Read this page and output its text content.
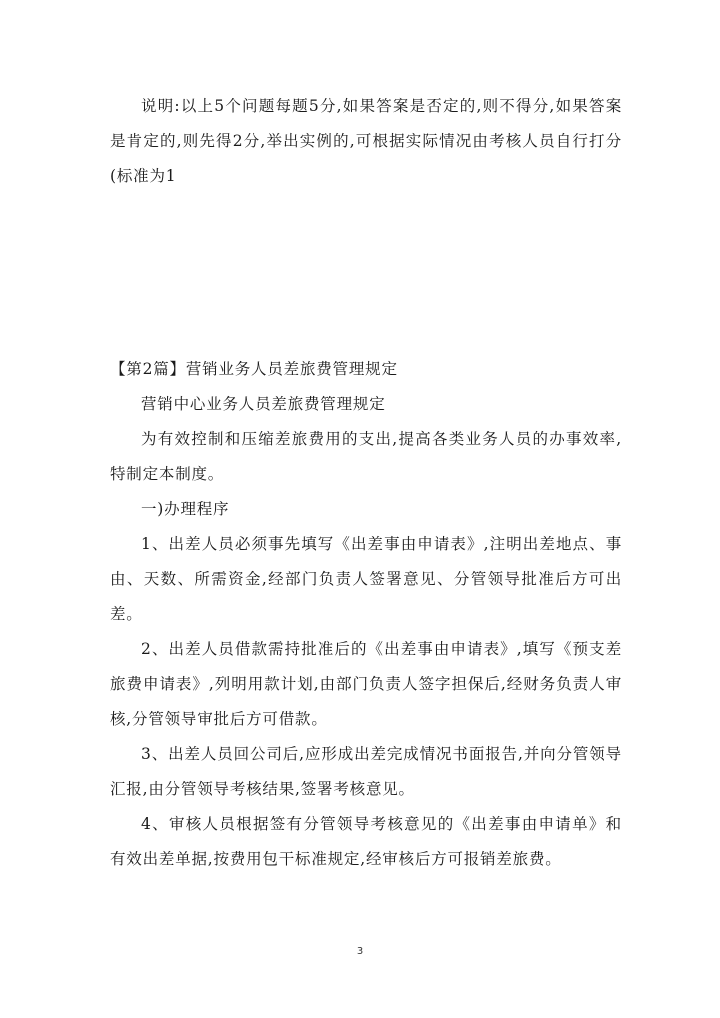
说明:以上5个问题每题5分,如果答案是否定的,则不得分,如果答案是肯定的,则先得2分,举出实例的,可根据实际情况由考核人员自行打分(标准为1

【第2篇】营销业务人员差旅费管理规定

营销中心业务人员差旅费管理规定

为有效控制和压缩差旅费用的支出,提高各类业务人员的办事效率,特制定本制度。

一)办理程序

1、出差人员必须事先填写《出差事由申请表》,注明出差地点、事由、天数、所需资金,经部门负责人签署意见、分管领导批准后方可出差。

2、出差人员借款需持批准后的《出差事由申请表》,填写《预支差旅费申请表》,列明用款计划,由部门负责人签字担保后,经财务负责人审核,分管领导审批后方可借款。

3、出差人员回公司后,应形成出差完成情况书面报告,并向分管领导汇报,由分管领导考核结果,签署考核意见。

4、审核人员根据签有分管领导考核意见的《出差事由申请单》和有效出差单据,按费用包干标准规定,经审核后方可报销差旅费。

3
